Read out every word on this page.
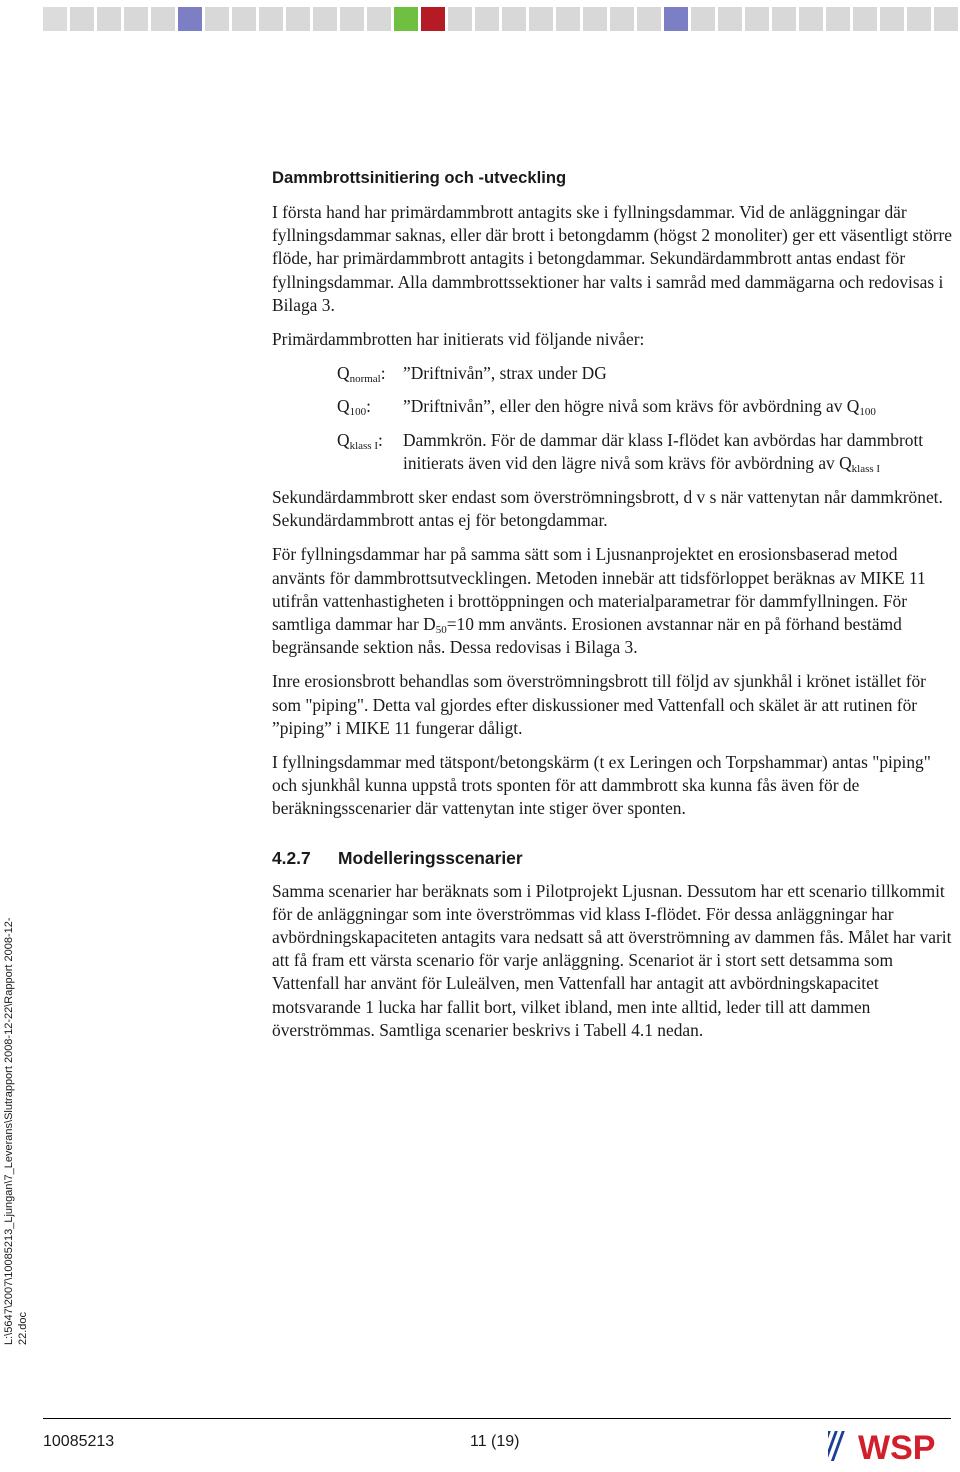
Dammbrottsinitiering och -utveckling

I första hand har primärdammbrott antagits ske i fyllningsdammar. Vid de anläggningar där fyllningsdammar saknas, eller där brott i betongdamm (högst 2 monoliter) ger ett väsentligt större flöde, har primärdammbrott antagits i betongdammar. Sekundärdammbrott antas endast för fyllningsdammar. Alla dammbrottssektioner har valts i samråd med dammägarna och redovisas i Bilaga 3.

Primärdammbrotten har initierats vid följande nivåer:

$Q_{normal}$:	”Driftnivån”, strax under DG
$Q_{100}$:	”Driftnivån”, eller den högre nivå som krävs för avbördning av $Q_{100}$
$Q_{klass I}$:	Dammkrön. För de dammar där klass I-flödet kan avbördas har dammbrott initierats även vid den lägre nivå som krävs för avbördning av $Q_{klass I}$

Sekundärdammbrott sker endast som överströmningsbrott, d v s när vattenytan når dammkrönet. Sekundärdammbrott antas ej för betongdammar.

För fyllningsdammar har på samma sätt som i Ljusnanprojektet en erosionsbaserad metod använts för dammbrottsutvecklingen. Metoden innebär att tidsförloppet beräknas av MIKE 11 utifrån vattenhastigheten i brottöppningen och materialparametrar för dammfyllningen. För samtliga dammar har $D_{50}=10$ mm använts. Erosionen avstannar när en på förhand bestämd begränsande sektion nås. Dessa redovisas i Bilaga 3.

Inre erosionsbrott behandlas som överströmningsbrott till följd av sjunkhål i krönet istället för som "piping". Detta val gjordes efter diskussioner med Vattenfall och skälet är att rutinen för ”piping” i MIKE 11 fungerar dåligt.

I fyllningsdammar med tätspont/betongskärm (t ex Leringen och Torpshammar) antas "piping" och sjunkhål kunna uppstå trots sponten för att dammbrott ska kunna fås även för de beräkningsscenarier där vattenytan inte stiger över sponten.

4.2.7 Modelleringsscenarier

Samma scenarier har beräknats som i Pilotprojekt Ljusnan. Dessutom har ett scenario tillkommit för de anläggningar som inte överströmmas vid klass I-flödet. För dessa anläggningar har avbördningskapaciteten antagits vara nedsatt så att överströmning av dammen fås. Målet har varit att få fram ett värsta scenario för varje anläggning. Scenariot är i stort sett detsamma som Vattenfall har använt för Luleälven, men Vattenfall har antagit att avbördningskapacitet motsvarande 1 lucka har fallit bort, vilket ibland, men inte alltid, leder till att dammen överströmmas. Samtliga scenarier beskrivs i Tabell 4.1 nedan.

L:\5647\2007\10085213_Ljungan\7_Leverans\Slutrapport 2008-12-22\Rapport 2008-12-22.doc
10085213	11 (19)	WSP
